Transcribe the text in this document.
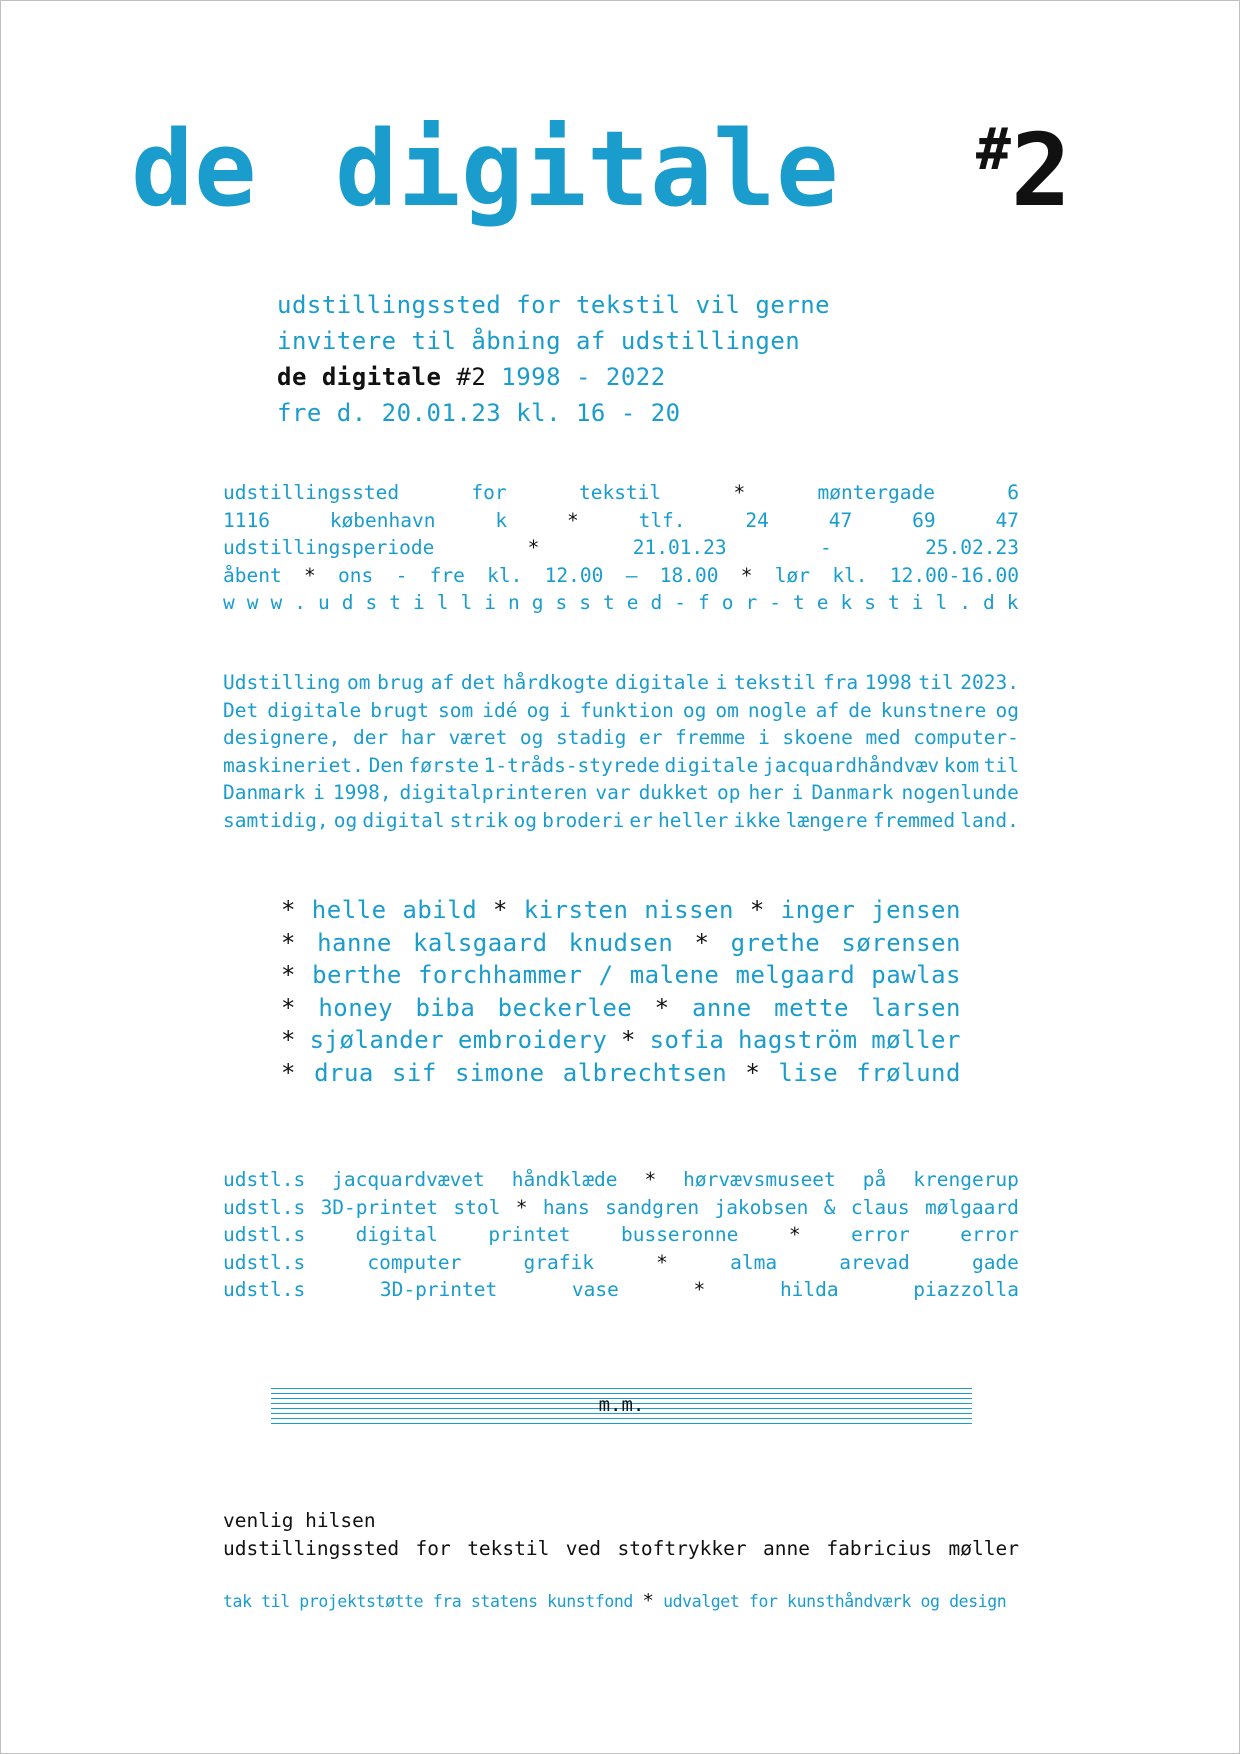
de digitale #2
udstillingssted for tekstil vil gerne
invitere til åbning af udstillingen
de digitale #2 1998 - 2022
fre d. 20.01.23 kl. 16 - 20
udstillingssted	for	tekstil	*	møntergade	6
1116	københavn	k	*	tlf.	24	47	69	47
udstillingsperiode	*	21.01.23	-	25.02.23
åbent * ons - fre kl. 12.00 — 18.00 * lør kl. 12.00-16.00
w w w . u d s t i l l i n g s s t e d - f o r - t e k s t i l . d k
Udstilling om brug af det hårdkogte digitale i tekstil fra 1998 til 2023.
Det digitale brugt som idé og i funktion og om nogle af de kunstnere og
designere, der har været og stadig er fremme i skoene med computer-
maskineriet. Den første 1-tråds-styrede digitale jacquardhåndvæv kom til
Danmark i 1998, digitalprinteren var dukket op her i Danmark nogenlunde
samtidig, og digital strik og broderi er heller ikke længere fremmed land.
* helle abild * kirsten nissen * inger jensen
* hanne kalsgaard knudsen * grethe sørensen
* berthe forchhammer / malene melgaard pawlas
* honey biba beckerlee * anne mette larsen
* sjølander embroidery * sofia hagström møller
* drua sif simone albrechtsen * lise frølund
udstl.s jacquardvævet håndklæde * hørvævsmuseet på krengerup
udstl.s 3D-printet stol * hans sandgren jakobsen & claus mølgaard
udstl.s	digital	printet	busseronne	*	error	error
udstl.s	computer	grafik	*	alma	arevad	gade
udstl.s	3D-printet	vase	*	hilda	piazzolla
m.m.
venlig hilsen
udstillingssted for tekstil ved stoftrykker anne fabricius møller
tak til projektstøtte fra statens kunstfond * udvalget for kunsthåndværk og design
